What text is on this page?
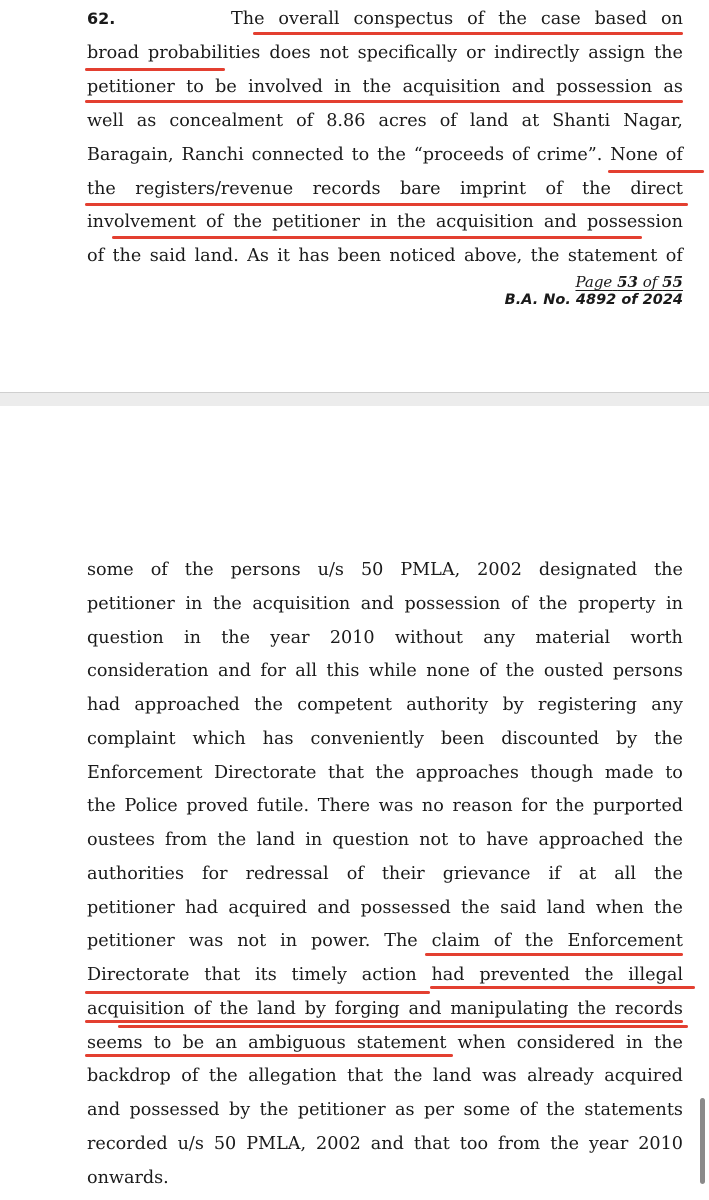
62.	The overall conspectus of the case based on
broad probabilities does not specifically or indirectly assign the
petitioner to be involved in the acquisition and possession as
well as concealment of 8.86 acres of land at Shanti Nagar,
Baragain, Ranchi connected to the “proceeds of crime”. None of
the registers/revenue records bare imprint of the direct
involvement of the petitioner in the acquisition and possession
of the said land. As it has been noticed above, the statement of
Page 53 of 55
B.A. No. 4892 of 2024
some of the persons u/s 50 PMLA, 2002 designated the
petitioner in the acquisition and possession of the property in
question in the year 2010 without any material worth
consideration and for all this while none of the ousted persons
had approached the competent authority by registering any
complaint which has conveniently been discounted by the
Enforcement Directorate that the approaches though made to
the Police proved futile. There was no reason for the purported
oustees from the land in question not to have approached the
authorities for redressal of their grievance if at all the
petitioner had acquired and possessed the said land when the
petitioner was not in power. The claim of the Enforcement
Directorate that its timely action had prevented the illegal
acquisition of the land by forging and manipulating the records
seems to be an ambiguous statement when considered in the
backdrop of the allegation that the land was already acquired
and possessed by the petitioner as per some of the statements
recorded u/s 50 PMLA, 2002 and that too from the year 2010
onwards.
